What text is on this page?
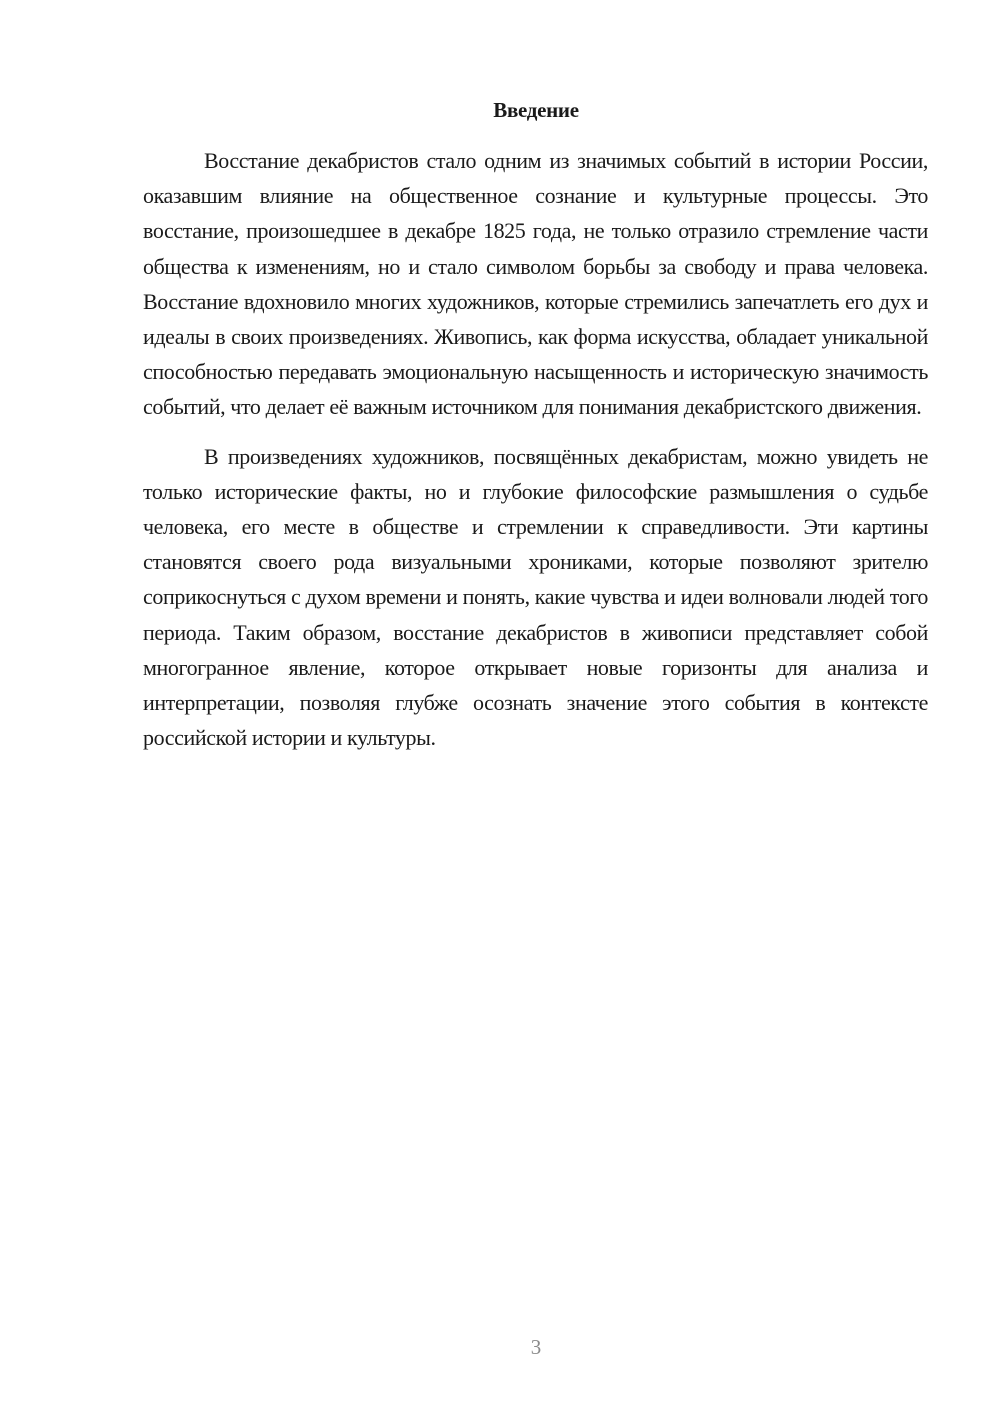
Введение

Восстание декабристов стало одним из значимых событий в истории России, оказавшим влияние на общественное сознание и культурные процессы. Это восстание, произошедшее в декабре 1825 года, не только отразило стремление части общества к изменениям, но и стало символом борьбы за свободу и права человека. Восстание вдохновило многих художников, которые стремились запечатлеть его дух и идеалы в своих произведениях. Живопись, как форма искусства, обладает уникальной способностью передавать эмоциональную насыщенность и историческую значимость событий, что делает её важным источником для понимания декабристского движения.

В произведениях художников, посвящённых декабристам, можно увидеть не только исторические факты, но и глубокие философские размышления о судьбе человека, его месте в обществе и стремлении к справедливости. Эти картины становятся своего рода визуальными хрониками, которые позволяют зрителю соприкоснуться с духом времени и понять, какие чувства и идеи волновали людей того периода. Таким образом, восстание декабристов в живописи представляет собой многогранное явление, которое открывает новые горизонты для анализа и интерпретации, позволяя глубже осознать значение этого события в контексте российской истории и культуры.

3
